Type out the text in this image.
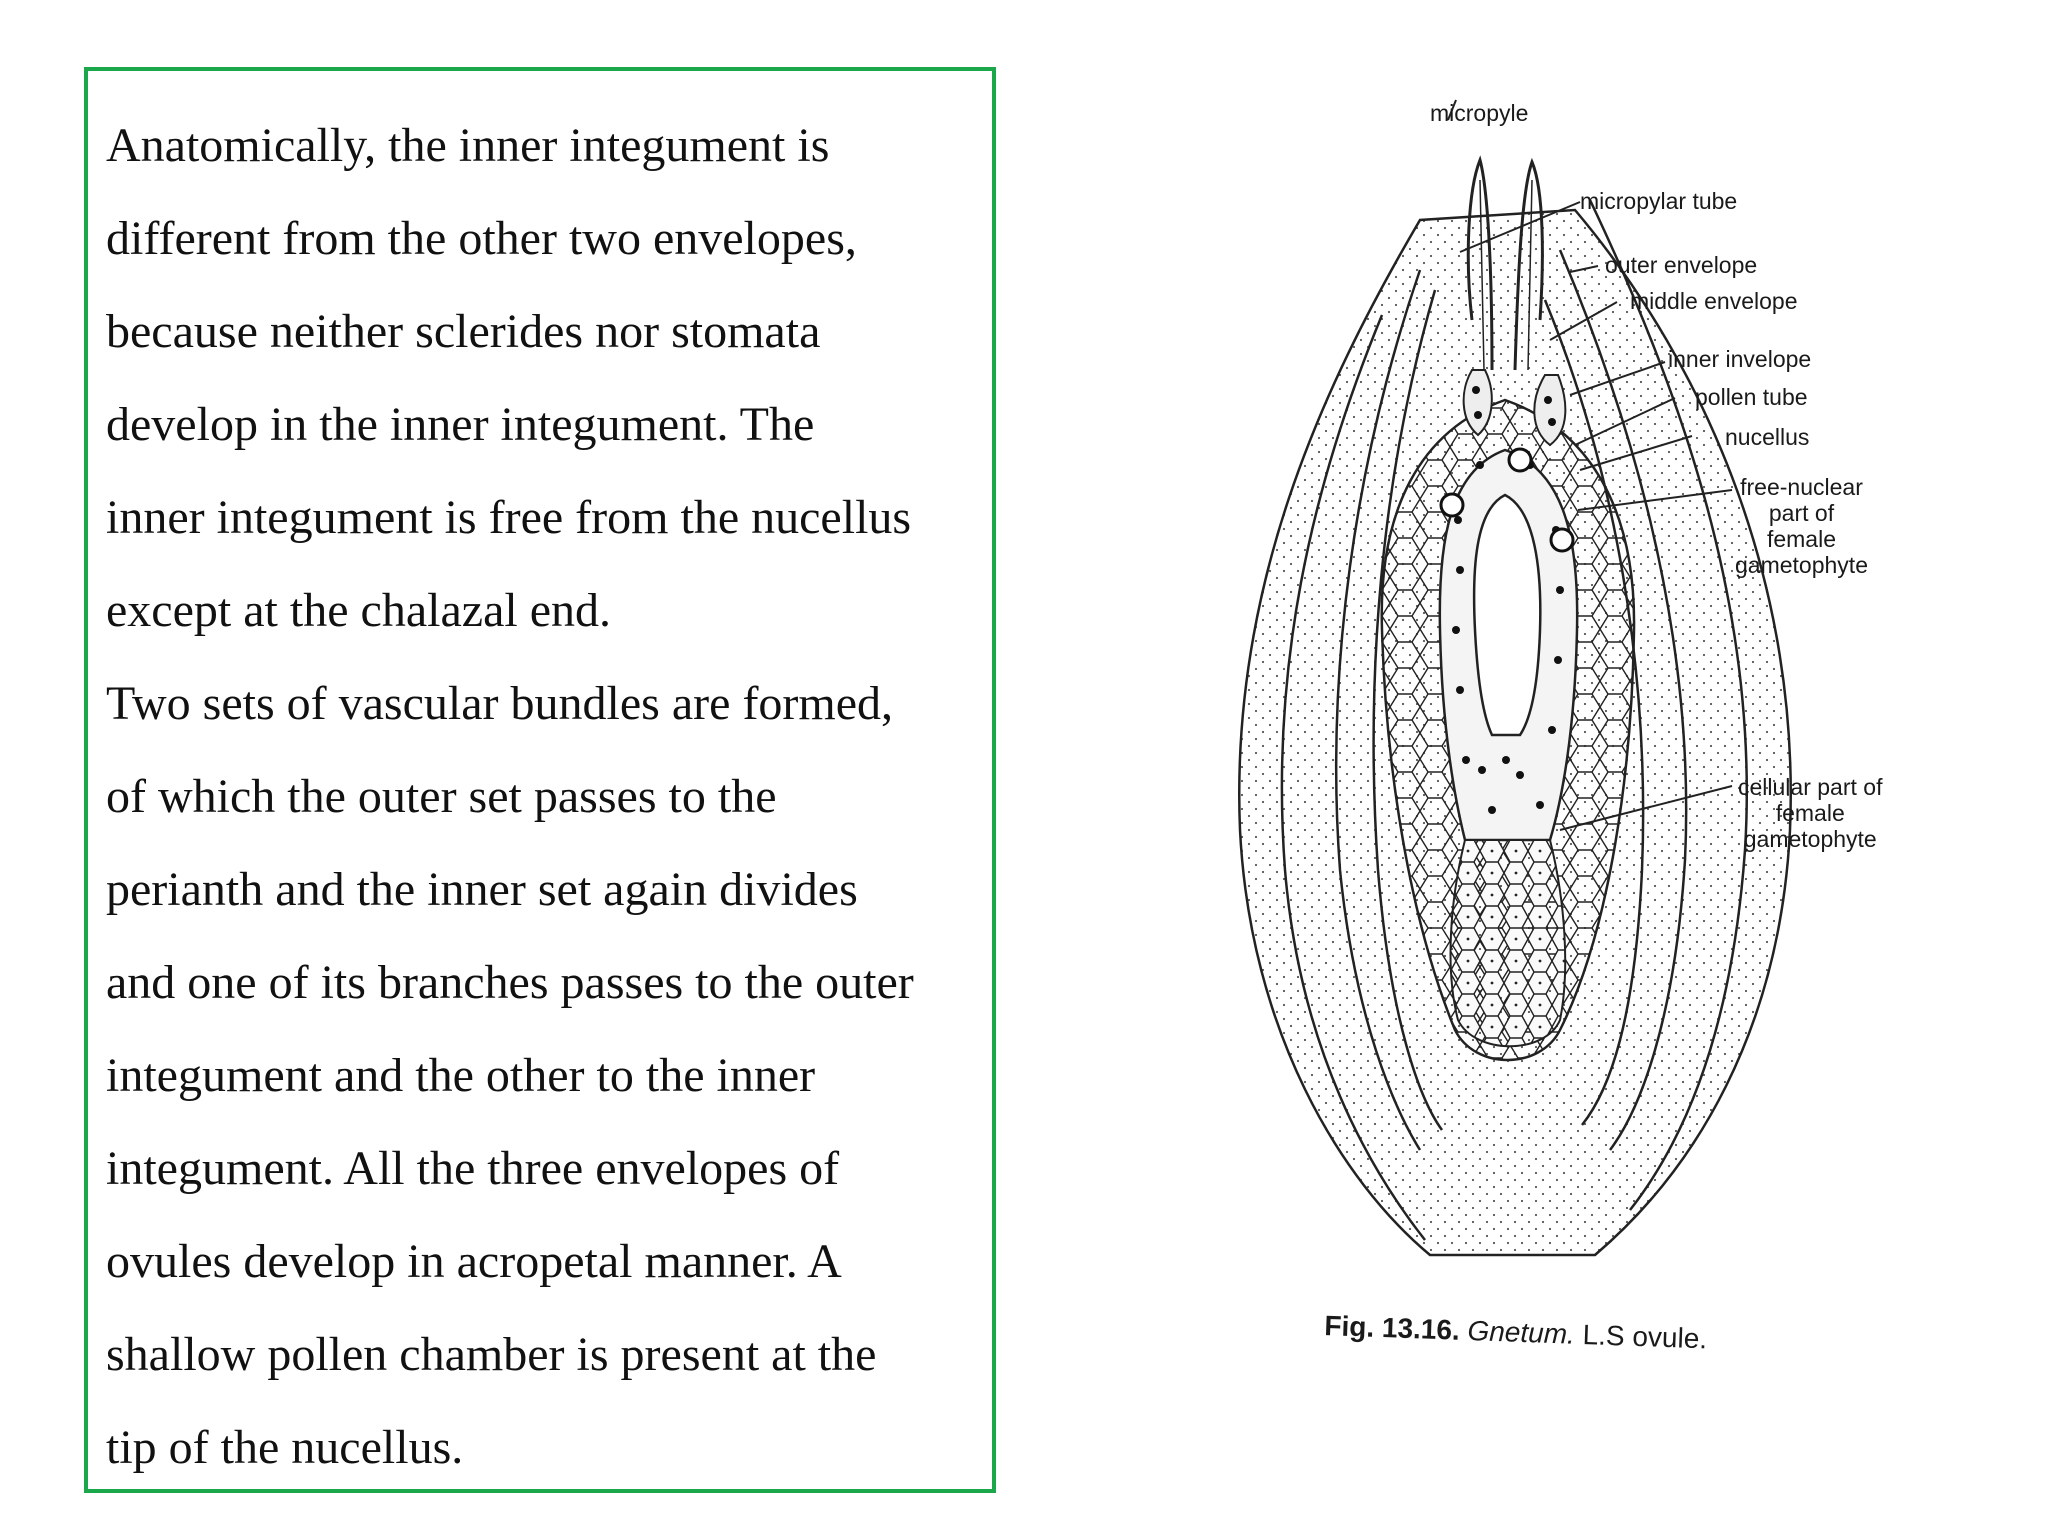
Anatomically, the inner integument is
different from the other two envelopes,
because neither sclerides nor stomata
develop in the inner integument. The
inner integument is free from the nucellus
except at the chalazal end.

Two sets of vascular bundles are formed,
of which the outer set passes to the
perianth and the inner set again divides
and one of its branches passes to the outer
integument and the other to the inner
integument. All the three envelopes of
ovules develop in acropetal manner. A
shallow pollen chamber is present at the
tip of the nucellus.

micropyle
micropylar tube
outer envelope
middle envelope
inner invelope
pollen tube
nucellus
free-nuclear
part of
female
gametophyte
cellular part of
female
gametophyte
Fig. 13.16. Gnetum. L.S ovule.
